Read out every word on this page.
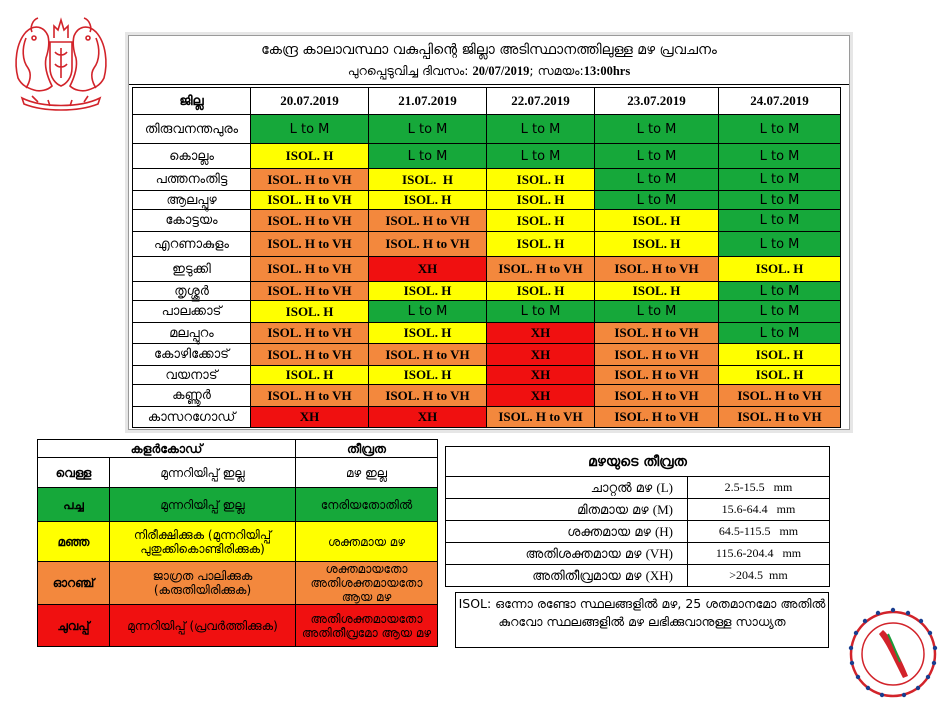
കേന്ദ്ര കാലാവസ്ഥാ വകുപ്പിന്റെ ജില്ലാ അടിസ്ഥാനത്തിലുള്ള മഴ പ്രവചനം
പുറപ്പെടുവിച്ച ദിവസം: 20/07/2019; സമയം:13:00hrs
ജില്ല	20.07.2019	21.07.2019	22.07.2019	23.07.2019	24.07.2019
തിരുവനന്തപുരം	L to M	L to M	L to M	L to M	L to M
കൊല്ലം	ISOL. H	L to M	L to M	L to M	L to M
പത്തനംതിട്ട	ISOL. H to VH	ISOL.  H	ISOL. H	L to M	L to M
ആലപ്പുഴ	ISOL. H to VH	ISOL. H	ISOL. H	L to M	L to M
കോട്ടയം	ISOL. H to VH	ISOL. H to VH	ISOL. H	ISOL. H	L to M
എറണാകുളം	ISOL. H to VH	ISOL. H to VH	ISOL. H	ISOL. H	L to M
ഇടുക്കി	ISOL. H to VH	XH	ISOL. H to VH	ISOL. H to VH	ISOL. H
തൃശ്ശൂർ	ISOL. H to VH	ISOL. H	ISOL. H	ISOL. H	L to M
പാലക്കാട്	ISOL. H	L to M	L to M	L to M	L to M
മലപ്പുറം	ISOL. H to VH	ISOL. H	XH	ISOL. H to VH	L to M
കോഴിക്കോട്	ISOL. H to VH	ISOL. H to VH	XH	ISOL. H to VH	ISOL. H
വയനാട്	ISOL. H	ISOL. H	XH	ISOL. H to VH	ISOL. H
കണ്ണൂർ	ISOL. H to VH	ISOL. H to VH	XH	ISOL. H to VH	ISOL. H to VH
കാസറഗോഡ്	XH	XH	ISOL. H to VH	ISOL. H to VH	ISOL. H to VH
കളർകോഡ്		തീവ്രത
വെള്ള	മുന്നറിയിപ്പ് ഇല്ല	മഴ ഇല്ല
പച്ച	മുന്നറിയിപ്പ് ഇല്ല	നേരിയതോതിൽ
മഞ്ഞ	നിരീക്ഷിക്കുക (മുന്നറിയിപ്പ് പുതുക്കികൊണ്ടിരിക്കുക)	ശക്തമായ മഴ
ഓറഞ്ച്	ജാഗ്രത പാലിക്കുക (കരുതിയിരിക്കുക)	ശക്തമായതോ അതിശക്തമായതോ ആയ മഴ
ചുവപ്പ്	മുന്നറിയിപ്പ് (പ്രവർത്തിക്കുക)	അതിശക്തമായതോ അതിതീവ്രമോ ആയ മഴ
മഴയുടെ തീവ്രത	
ചാറ്റൽ മഴ (L)	2.5-15.5   mm
മിതമായ മഴ (M)	15.6-64.4   mm
ശക്തമായ മഴ (H)	64.5-115.5   mm
അതിശക്തമായ മഴ (VH)	115.6-204.4   mm
അതിതീവ്രമായ മഴ (XH)	>204.5  mm
ISOL: ഒന്നോ രണ്ടോ സ്ഥലങ്ങളിൽ മഴ, 25 ശതമാനമോ അതിൽ കുറവോ സ്ഥലങ്ങളിൽ മഴ ലഭിക്കുവാനുള്ള സാധ്യത
